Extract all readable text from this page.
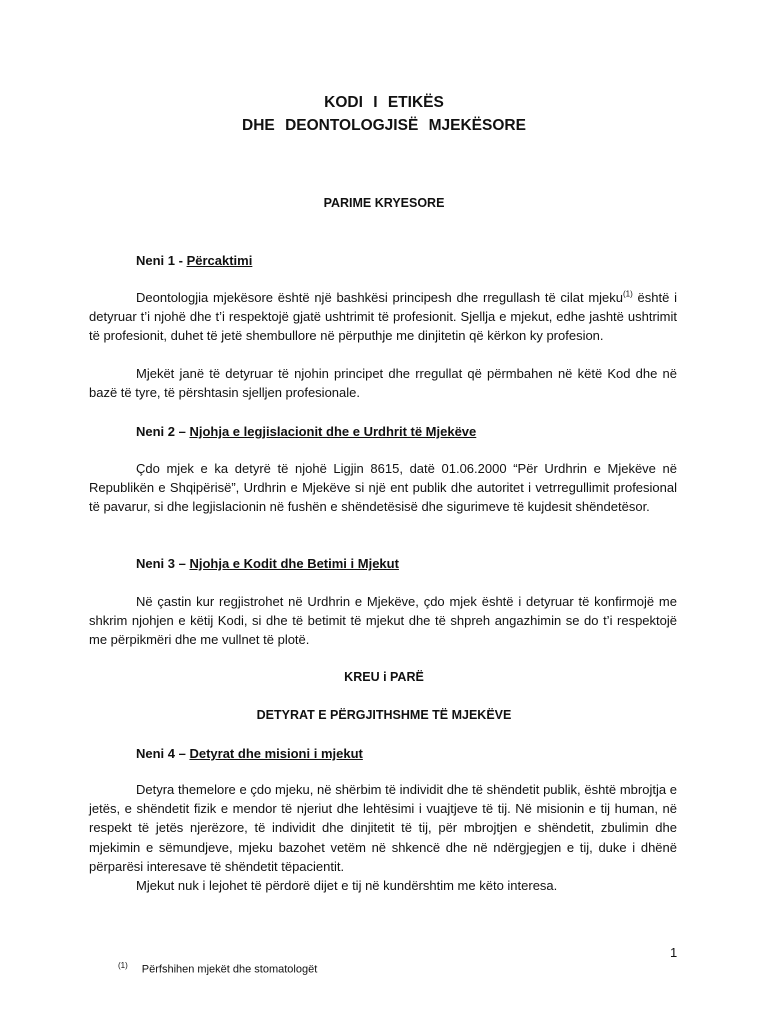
KODI I ETIKËS
DHE DEONTOLOGJISË MJEKËSORE
PARIME KRYESORE
Neni 1 - Përcaktimi

Deontologjia mjekësore është një bashkësi principesh dhe rregullash të cilat mjeku$^{(1)}$ është i detyruar t’i njohë dhe t’i respektojë gjatë ushtrimit të profesionit. Sjellja e mjekut, edhe jashtë ushtrimit të profesionit, duhet të jetë shembullore në përputhje me dinjitetin që kërkon ky profesion.

Mjekët janë të detyruar të njohin principet dhe rregullat që përmbahen në këtë Kod dhe në bazë të tyre, të përshtasin sjelljen profesionale.

Neni 2 – Njohja e legjislacionit dhe e Urdhrit të Mjekëve

Çdo mjek e ka detyrë të njohë Ligjin 8615, datë 01.06.2000 “Për Urdhrin e Mjekëve në Republikën e Shqipërisë”, Urdhrin e Mjekëve si një ent publik dhe autoritet i vetrregullimit profesional të pavarur, si dhe legjislacionin në fushën e shëndetësisë dhe sigurimeve të kujdesit shëndetësor.

Neni 3 – Njohja e Kodit dhe Betimi i Mjekut

Në çastin kur regjistrohet në Urdhrin e Mjekëve, çdo mjek është i detyruar të konfirmojë me shkrim njohjen e këtij Kodi, si dhe të betimit të mjekut dhe të shpreh angazhimin se do t’i respektojë me përpikmëri dhe me vullnet të plotë.

KREU i PARË
DETYRAT E PËRGJITHSHME TË MJEKËVE
Neni 4 – Detyrat dhe misioni i mjekut

Detyra themelore e çdo mjeku, në shërbim të individit dhe të shëndetit publik, është mbrojtja e jetës, e shëndetit fizik e mendor të njeriut dhe lehtësimi i vuajtjeve të tij. Në misionin e tij human, në respekt të jetës njerëzore, të individit dhe dinjitetit të tij, për mbrojtjen e shëndetit, zbulimin dhe mjekimin e sëmundjeve, mjeku bazohet vetëm në shkencë dhe në ndërgjegjen e tij, duke i dhënë përparësi interesave të shëndetit tëpacientit.

Mjekut nuk i lejohet të përdorë dijet e tij në kundërshtim me këto interesa.

1
$^{(1)}$ Përfshihen mjekët dhe stomatologët
